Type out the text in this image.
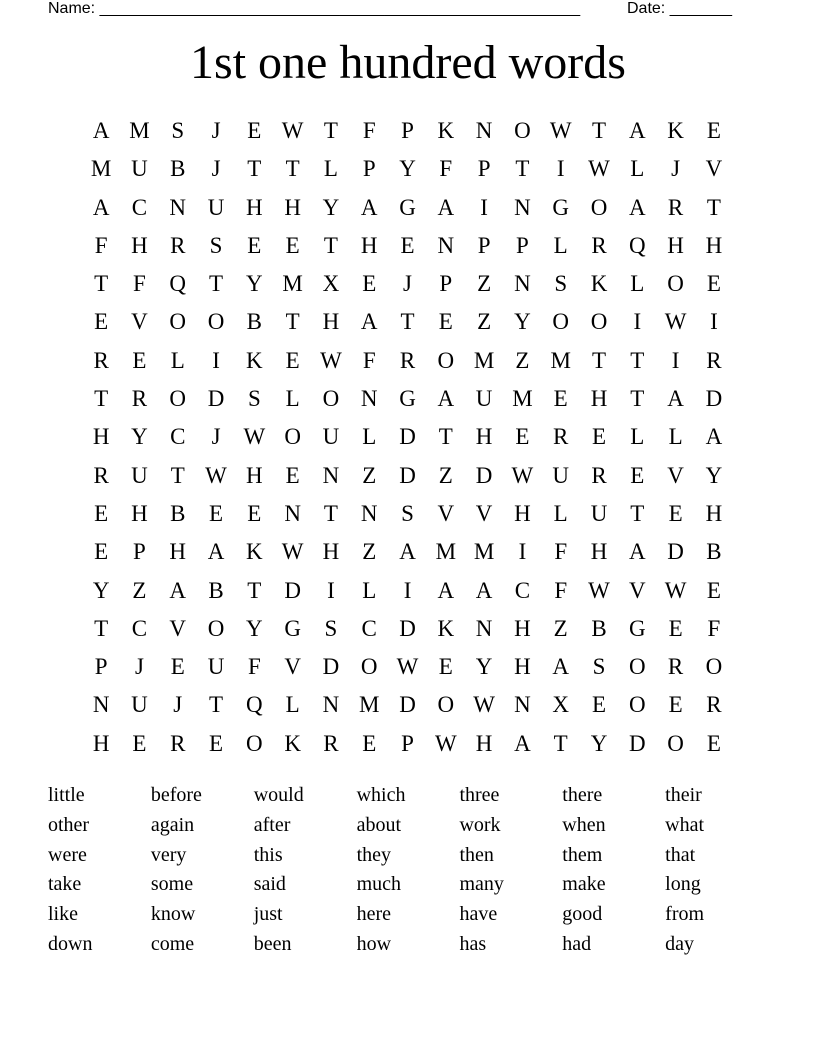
Name: ______________________________________________________	Date: _______
1st one hundred words
A M S	J	E W T	F	P	K N O W T A K E
M U B	J	T	T	L	P	Y	F	P	T	I	W L	J	V
A C N U H H Y A G A	I	N G O A R	T
F	H R	S	E	E	T H E N	P	P	L	R Q H H
T	F	Q T Y M X E	J	P	Z N	S	K L O E
E V O O B	T H A T	E	Z Y O O	I	W	I
R	E	L	I	K E W F	R O M Z M T	T	I	R
T	R O D	S	L O N G A U M E H T A D
H Y C	J W O U L D T H E	R	E	L	L A
R U T W H E N Z D Z D W U R	E V Y
E H B	E	E N T N	S	V V H L U T	E H
E	P	H A K W H Z A M M	I	F	H A D B
Y Z A B	T D	I	L	I	A A C	F W V W E
T	C V O Y G	S	C D K N H Z	B G E	F
P	J	E U	F	V D O W E Y H A	S	O R O
N U	J	T Q L N M D O W N X E O E	R
H E	R	E O K R	E	P W H A T Y D O E
little	before	would	which	three	there	their
other	again	after	about	work	when	what
were	very	this	they	then	them	that
take	some	said	much	many	make	long
like	know	just	here	have	good	from
down	come	been	how	has	had	day
